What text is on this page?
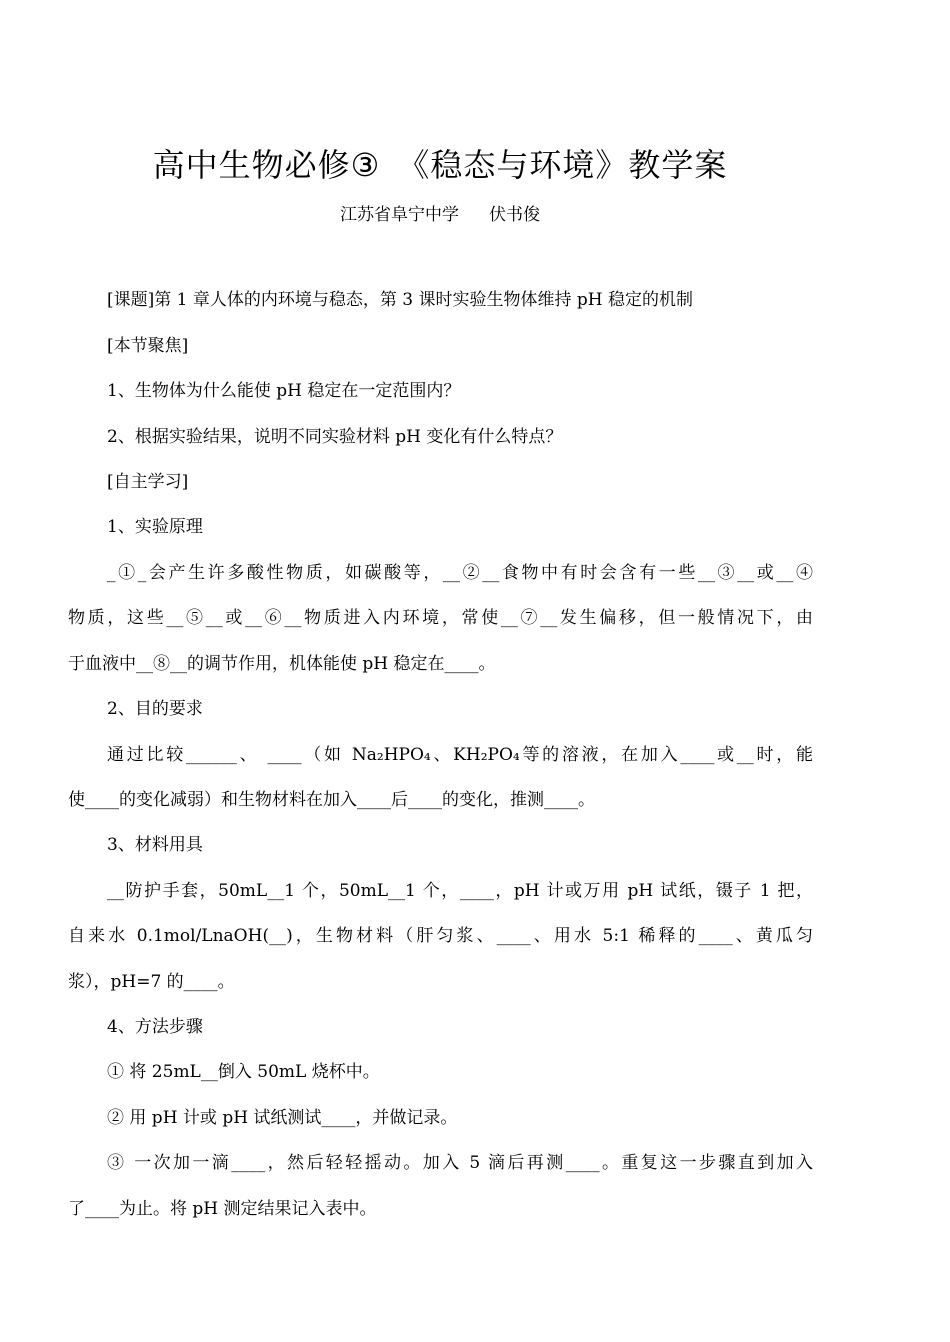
高中生物必修③　《稳态与环境》教学案
江苏省阜宁中学 伏书俊
[课题]第 1 章人体的内环境与稳态，第 3 课时实验生物体维持 pH 稳定的机制
[本节聚焦]
1、生物体为什么能使 pH 稳定在一定范围内？
2、根据实验结果，说明不同实验材料 pH 变化有什么特点？
[自主学习]
1、实验原理
_①_会产生许多酸性物质，如碳酸等，__②__食物中有时会含有一些__③__或__④
物质，这些__⑤__或__⑥__物质进入内环境，常使__⑦__发生偏移，但一般情况下，由
于血液中__⑧__的调节作用，机体能使 pH 稳定在____。
2、目的要求
通过比较______、 ____（如 Na₂HPO₄、KH₂PO₄等的溶液，在加入____或__时，能
使____的变化减弱）和生物材料在加入____后____的变化，推测____。
3、材料用具
__防护手套，50mL__1 个，50mL__1 个，____，pH 计或万用 pH 试纸，镊子 1 把，
自来水 0.1mol/LnaOH(__)，生物材料（肝匀浆、____、用水 5:1 稀释的____、黄瓜匀
浆），pH=7 的____。
4、方法步骤
① 将 25mL__倒入 50mL 烧杯中。
② 用 pH 计或 pH 试纸测试____，并做记录。
③ 一次加一滴____，然后轻轻摇动。加入 5 滴后再测____。重复这一步骤直到加入
了____为止。将 pH 测定结果记入表中。
